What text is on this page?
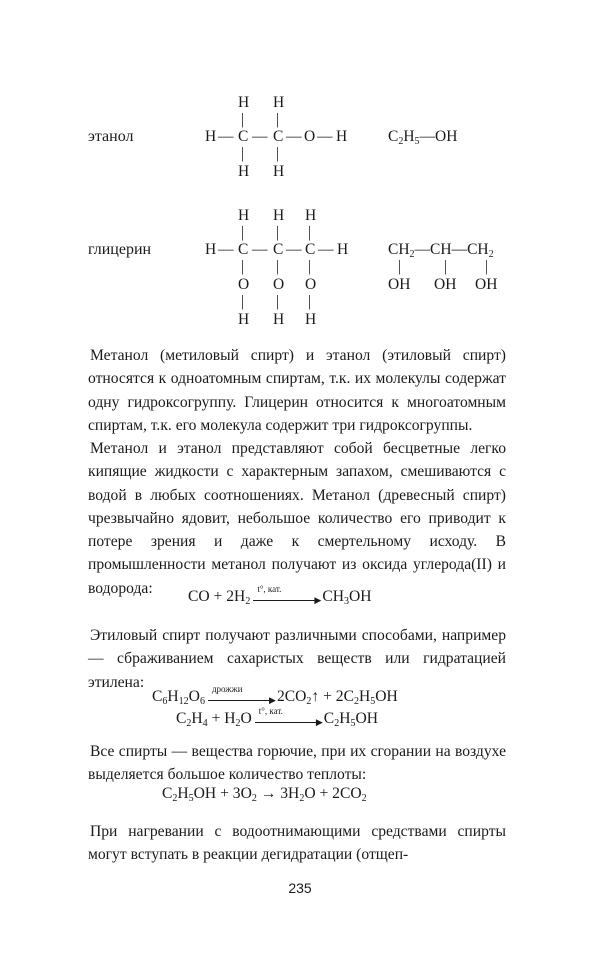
этанол
H H
| |
H — C — C — O — H
| |
H H
$C_2H_5—OH$
глицерин
H H H
| | |
H — C — C — C — H
| | |
O O O
| | |
H H H
$CH_2—CH—CH_2$
|	| |
OH OH OH

Метанол (метиловый спирт) и этанол (этиловый спирт) относятся к одноатомным спиртам, т.к. их молекулы содержат одну гидроксогруппу. Глицерин относится к многоатомным спиртам, т.к. его молекула содержит три гидроксогруппы.

Метанол и этанол представляют собой бесцветные легко кипящие жидкости с характерным запахом, смешиваются с водой в любых соотношениях. Метанол (древесный спирт) чрезвычайно ядовит, небольшое количество его приводит к потере зрения и даже к смертельному исходу. В промышленности метанол получают из оксида углерода(II) и водорода:	CO + $2H_2$
t°, кат.
▶ $CH_3OH$

Этиловый спирт получают различными способами, например — сбраживанием сахаристых веществ или гидратацией этилена:

$C_6H_{12}O_6$
дрожжи
▶ $2CO_2↑ + 2C_2H_5OH$
$C_2H_4 + H_2O$ t°, кат.
▶ $C_2H_5OH$

Все спирты — вещества горючие, при их сгорании на воздухе выделяется большое количество теплоты:

$C_2H_5OH + 3O_2 \to 3H_2O + 2CO_2$

При нагревании с водоотнимающими средствами спирты могут вступать в реакции дегидратации (отщеп-

235
